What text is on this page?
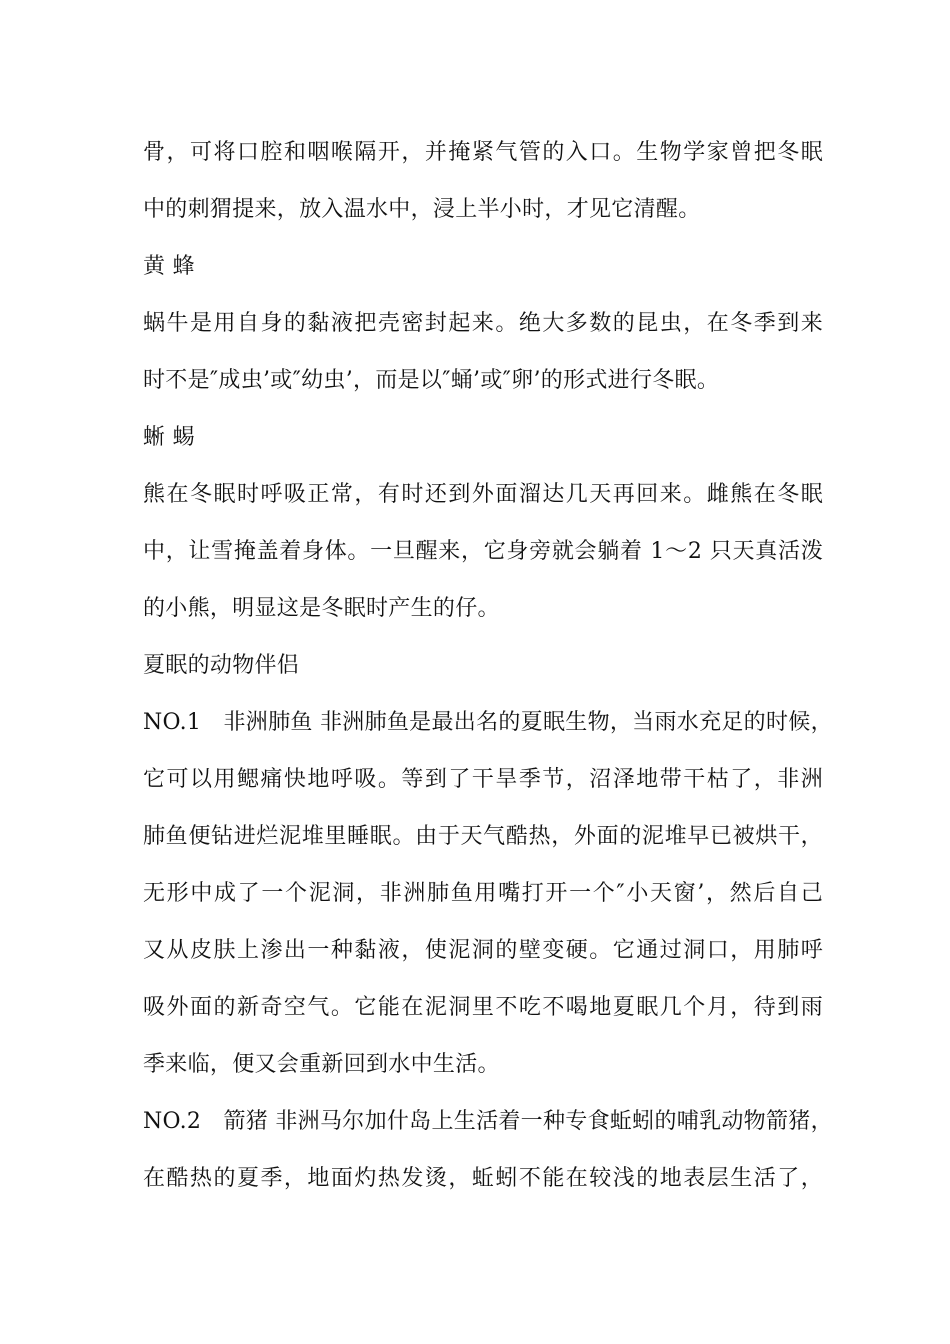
骨，可将口腔和咽喉隔开，并掩紧气管的入口。生物学家曾把冬眠
中的刺猬提来，放入温水中，浸上半小时，才见它清醒。
黄 蜂
蜗牛是用自身的黏液把壳密封起来。绝大多数的昆虫，在冬季到来
时不是″成虫’或″幼虫’，而是以″蛹’或″卵’的形式进行冬眠。
蜥 蜴
熊在冬眠时呼吸正常，有时还到外面溜达几天再回来。雌熊在冬眠
中，让雪掩盖着身体。一旦醒来，它身旁就会躺着 1～2 只天真活泼
的小熊，明显这是冬眠时产生的仔。
夏眠的动物伴侣
NO.1　非洲肺鱼 非洲肺鱼是最出名的夏眠生物，当雨水充足的时候，
它可以用鳃痛快地呼吸。等到了干旱季节，沼泽地带干枯了，非洲
肺鱼便钻进烂泥堆里睡眠。由于天气酷热，外面的泥堆早已被烘干，
无形中成了一个泥洞，非洲肺鱼用嘴打开一个″小天窗’，然后自己
又从皮肤上渗出一种黏液，使泥洞的壁变硬。它通过洞口，用肺呼
吸外面的新奇空气。它能在泥洞里不吃不喝地夏眠几个月，待到雨
季来临，便又会重新回到水中生活。
NO.2　箭猪 非洲马尔加什岛上生活着一种专食蚯蚓的哺乳动物箭猪，
在酷热的夏季，地面灼热发烫，蚯蚓不能在较浅的地表层生活了，
